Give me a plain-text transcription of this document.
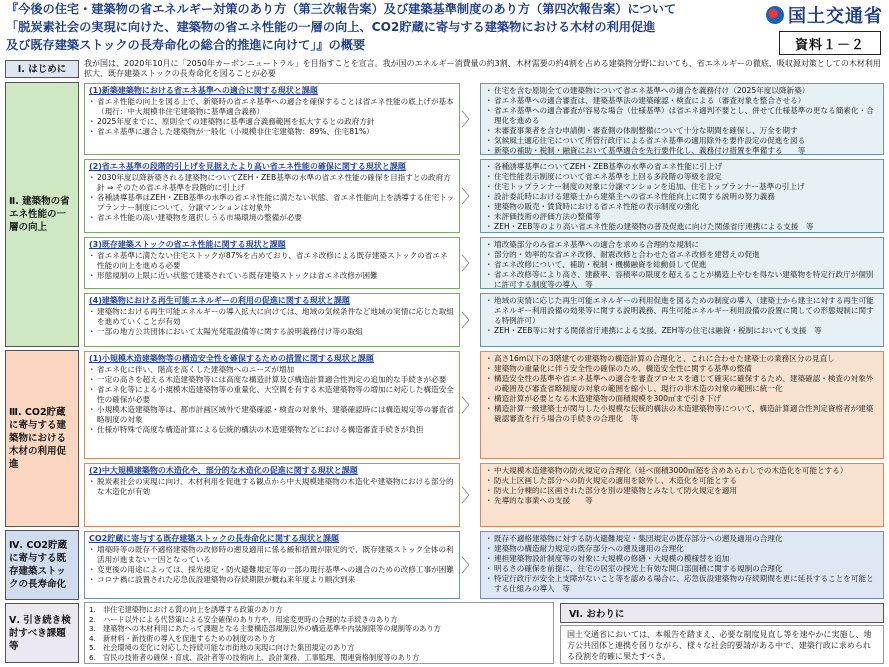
『今後の住宅・建築物の省エネルギー対策のあり方（第三次報告案）及び建築基準制度のあり方（第四次報告案）について
「脱炭素社会の実現に向けた、建築物の省エネ性能の一層の向上、CO2貯蔵に寄与する建築物における木材の利用促進
及び既存建築ストックの長寿命化の総合的推進に向けて」』の概要
国土交通省
資料１－２
Ⅰ. はじめに
Ⅱ. 建築物の省エネ性能の一層の向上
Ⅲ. CO2貯蔵に寄与する建築物における木材の利用促進
Ⅳ. CO2貯蔵に寄与する既存建築ストックの長寿命化
Ⅴ. 引き続き検討すべき課題等
我が国は、2020年10月に「2050年カーボンニュートラル」を目指すことを宣言。我が国のエネルギー消費量の約3割、木材需要の約4割を占める建築物分野においても、省エネルギーの徹底、吸収源対策としての木材利用拡大、既存建築ストックの長寿命化を図ることが必要
(1)新築建築物における省エネ基準への適合に関する現状と課題
・ 省エネ性能の向上を図る上で、新築時の省エネ基準への適合を確保することは省エネ性能の底上げが基本（現行：中大規模非住宅建築物に基準適合義務）
・ 2025年度までに、原則全ての建築物に基準適合義務範囲を拡大するとの政府方針
・ 省エネ基準に適合した建築物が一般化（小規模非住宅建築物：89%、住宅81%）
〉
・ 住宅を含む原則全ての建築物について省エネ基準への適合を義務付け（2025年度以降新築）
・ 省エネ基準への適合審査は、建築基準法の建築確認・検査による（審査対象を整合させる）
・ 省エネ基準への適合審査が容易な場合（仕様基準）は省エネ適判不要とし、併せて仕様基準の更なる簡素化・合理化を進める
・ 未審査事業者を含む申請側・審査側の体制整備について十分な期間を確保し、万全を期す
・ 気候風土適応住宅について所管行政庁による省エネ基準の適用除外を要件設定の促進を図る
・ 新築の補助・税制・融資において基準適合を先行要件化し、義務付け措置を準備する　　等
(2)省エネ基準の段階的引上げを見据えたより高い省エネ性能の確保に関する現状と課題
・ 2030年度以降新築される建築物についてZEH・ZEB基準の水準の省エネ性能の確保を目指すとの政府方針 ⇒ そのため省エネ基準を段階的に引上げ
・ 各種誘導基準はZEH・ZEB基準の水準の省エネ性能に満たない状態、省エネ性能向上を誘導する住宅トップランナー制度について、分譲マンションは対象外
・ 省エネ性能の高い建築物を選択しうる市場環境の整備が必要
〉
・ 各種誘導基準についてZEH・ZEB基準の水準の省エネ性能に引上げ
・ 住宅性能表示制度について省エネ基準を上回る多段階の等級を設定
・ 住宅トップランナー制度の対象に分譲マンションを追加、住宅トップランナー基準の引上げ
・ 設計委託時における建築士から建築主への省エネ性能向上に関する説明の努力義務
・ 建築物の販売・賃貸時における省エネ性能の表示制度の強化
・ 未評価技術の評価方法の整備等
・ ZEH・ZEB等のより高い省エネ性能の建築物の普及促進に向けた関係省庁連携による支援　等
(3)既存建築ストックの省エネ性能に関する現状と課題
・ 省エネ基準に満たない住宅ストックが87%を占めており、省エネ改修による既存建築ストックの省エネ性能の向上を進める必要
・ 形態規制の上限に近い状態で建築されている既存建築ストックは省エネ改修が困難
〉
・ 増改築部分のみ省エネ基準への適合を求める合理的な規制に
・ 部分的・効率的な省エネ改修、耐震改修と合わせた省エネ改修を建替えの促進
・ 省エネ改修について、補助・税制・機構融資を総動員して促進
・ 省エネ改修等により高さ、建蔽率、容積率の限度を超えることが構造上やむを得ない建築物を特定行政庁が個別に許可する制度等の導入　等
(4)建築物における再生可能エネルギーの利用の促進に関する現状と課題
・ 建築物における再生可能エネルギーの導入拡大に向けては、地域の気候条件など地域の実情に応じた取組を進めていくことが有効
・ 一部の地方公共団体において太陽光発電設備等に関する説明義務付け等の取組	〉
・ 地域の実情に応じた再生可能エネルギーの利用促進を図るための制度の導入（建築士から建主に対する再生可能エネルギー利用設備の効果等に関する説明義務、再生可能エネルギー利用設備の設置に関しての形態規制に関する特例許可）
・ ZEH・ZEB等に対する関係省庁連携による支援、ZEH等の住宅は融資・税制においても支援　等
(1)小規模木造建築物等の構造安全性を確保するための措置に関する現状と課題
・ 省エネ化に伴い、階高を高くした建築物へのニーズが増加
・ 一定の高さを超える木造建築物等には高度な構造計算及び構造計算適合性判定の追加的な手続きが必要
・ 省エネ化等による小規模木造建築物等の重量化、大空間を有する木造建築物等の増加に対応した構造安全性の確保が必要
・ 小規模木造建築物等は、都市計画区域外で建築確認・検査の対象外、建築確認時には構造規定等の審査省略制度の対象
・ 仕様が特殊で高度な構造計算による伝統的構法の木造建築物などにおける構造審査手続きが負担
〉
・ 高さ16m以下の3階建ての建築物の構造計算の合理化と、これに合わせた建築士の業務区分の見直し
・ 建築物の重量化に伴う安全性の確保のため、構造安全性に関する基準の整備
・ 構造安全性の基準や省エネ基準への適合を審査プロセスを通じて確実に確保するため、建築確認・検査の対象外の範囲及び審査省略制度の対象の範囲を縮小し、現行の非木造の対象の範囲に統一化
・ 構造計算が必要となる木造建築物の面積規模を300㎡まで引き下げ
・ 構造計算一級建築士が関与した小規模な伝統的構法の木造建築物等について、構造計算適合性判定資格者が建築確認審査を行う場合の手続きの合理化　等
(2)中大規模建築物の木造化や、部分的な木造化の促進に関する現状と課題
・ 脱炭素社会の実現に向け、木材利用を促進する観点から中大規模建築物の木造化や建築物における部分的な木造化が有効	〉
・ 中大規模木造建築物の防火規定の合理化（延べ面積3000㎡超を含めあらわしでの木造化を可能とする）
・ 防火上区画した部分への防火規定の適用を除外し、木造化を可能とする
・ 防火上分棟的に区画された部分を別の建築物とみなして防火規定を適用
・ 先導的な事業への支援　　等
CO2貯蔵に寄与する既存建築ストックの長寿命化に関する現状と課題
・ 増築時等の既存不適格建築物の改修時の遡及適用に係る緩和措置が限定的で、既存建築ストック全体の利活用が進まない一因となっている
・ 変更後の用途によっては、採光規定・防火避難規定等の一部の現行基準への適合のための改修工事が困難
・ コロナ禍に設置された応急仮設建築物の存続期限が概ね来年度より順次到来
〉
・ 既存不適格建築物に対する防火避難規定・集団規定の既存部分への遡及適用の合理化
・ 建築物の構造耐力規定の既存部分への遡及適用の合理化
・ 連担建築物設計制度等の対象に大規模の修繕・大規模の模様替を追加
・ 明るさの確保を前提に、住宅の居室の採光上有効な開口部面積に関する規制の合理化
・ 特定行政庁が安全上支障がないこと等を認める場合に、応急仮設建築物の存続期間を更に延長することを可能とする仕組みの導入　等
1. 非住宅建築物における質の向上を誘導する政策のあり方
2. ハード以外による代替策による安全確保のあり方や、用途変更時の合理的な手続きのあり方
3. 建築物への木材利用にあたって課題となる主要構造部規制以外の構造基準や内装制限等の規制等のあり方
4. 新材料・新技術の導入を促進するための制度のあり方
5. 社会環境の変化に対応した持続可能な市街地の実現に向けた集団規定のあり方
6. 官民の技術者の確保・育成、設計者等の技術向上、設計業務、工事監理、関連資格制度等のあり方
Ⅵ. おわりに
国土交通省においては、本報告を踏まえ、必要な制度見直し等を速やかに実施し、地方公共団体と連携を図りながら、様々な社会的要請がある中で、建築行政に求められる役割を的確に果たすべき。
